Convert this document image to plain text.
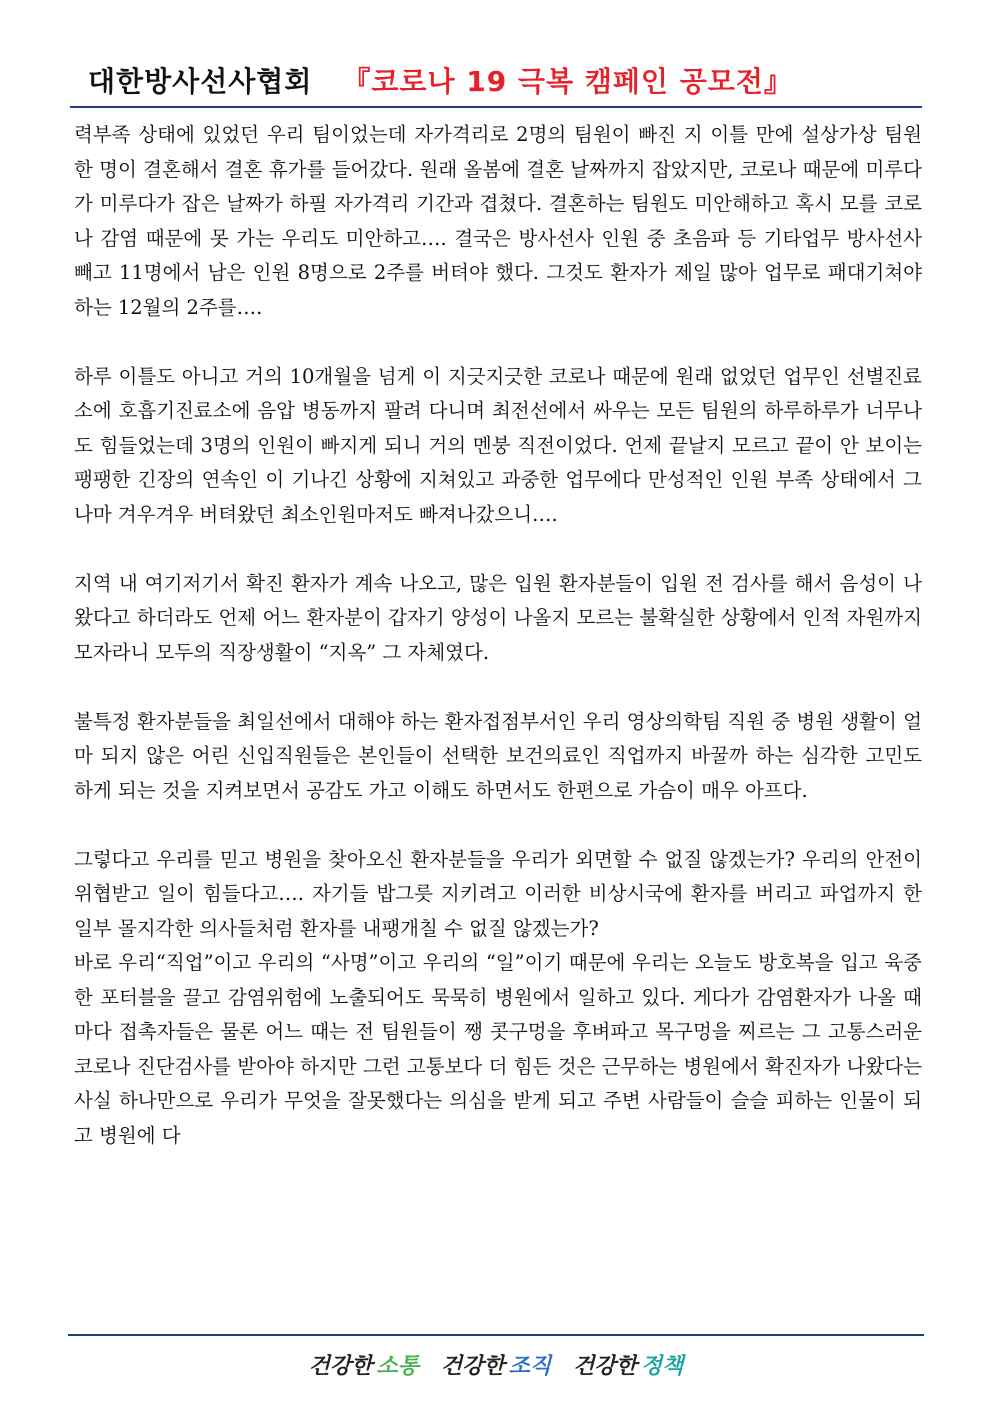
대한방사선사협회 『코로나 19 극복 캠페인 공모전』

력부족 상태에 있었던 우리 팀이었는데 자가격리로 2명의 팀원이 빠진 지 이틀 만에 설상가상 팀원 한 명이 결혼해서 결혼 휴가를 들어갔다. 원래 올봄에 결혼 날짜까지 잡았지만, 코로나 때문에 미루다가 미루다가 잡은 날짜가 하필 자가격리 기간과 겹쳤다. 결혼하는 팀원도 미안해하고 혹시 모를 코로나 감염 때문에 못 가는 우리도 미안하고…. 결국은 방사선사 인원 중 초음파 등 기타업무 방사선사 빼고 11명에서 남은 인원 8명으로 2주를 버텨야 했다. 그것도 환자가 제일 많아 업무로 패대기쳐야 하는 12월의 2주를….

하루 이틀도 아니고 거의 10개월을 넘게 이 지긋지긋한 코로나 때문에 원래 없었던 업무인 선별진료소에 호흡기진료소에 음압 병동까지 팔려 다니며 최전선에서 싸우는 모든 팀원의 하루하루가 너무나도 힘들었는데 3명의 인원이 빠지게 되니 거의 멘붕 직전이었다. 언제 끝날지 모르고 끝이 안 보이는 팽팽한 긴장의 연속인 이 기나긴 상황에 지쳐있고 과중한 업무에다 만성적인 인원 부족 상태에서 그나마 겨우겨우 버텨왔던 최소인원마저도 빠져나갔으니….

지역 내 여기저기서 확진 환자가 계속 나오고, 많은 입원 환자분들이 입원 전 검사를 해서 음성이 나왔다고 하더라도 언제 어느 환자분이 갑자기 양성이 나올지 모르는 불확실한 상황에서 인적 자원까지 모자라니 모두의 직장생활이 “지옥” 그 자체였다.

불특정 환자분들을 최일선에서 대해야 하는 환자접점부서인 우리 영상의학팀 직원 중 병원 생활이 얼마 되지 않은 어린 신입직원들은 본인들이 선택한 보건의료인 직업까지 바꿀까 하는 심각한 고민도 하게 되는 것을 지켜보면서 공감도 가고 이해도 하면서도 한편으로 가슴이 매우 아프다.

그렇다고 우리를 믿고 병원을 찾아오신 환자분들을 우리가 외면할 수 없질 않겠는가? 우리의 안전이 위협받고 일이 힘들다고…. 자기들 밥그릇 지키려고 이러한 비상시국에 환자를 버리고 파업까지 한 일부 몰지각한 의사들처럼 환자를 내팽개칠 수 없질 않겠는가?

바로 우리“직업”이고 우리의 “사명”이고 우리의 “일”이기 때문에 우리는 오늘도 방호복을 입고 육중한 포터블을 끌고 감염위험에 노출되어도 묵묵히 병원에서 일하고 있다. 게다가 감염환자가 나올 때마다 접촉자들은 물론 어느 때는 전 팀원들이 쨍 콧구멍을 후벼파고 목구멍을 찌르는 그 고통스러운 코로나 진단검사를 받아야 하지만 그런 고통보다 더 힘든 것은 근무하는 병원에서 확진자가 나왔다는 사실 하나만으로 우리가 무엇을 잘못했다는 의심을 받게 되고 주변 사람들이 슬슬 피하는 인물이 되고 병원에 다

건강한 소통 건강한 조직 건강한 정책
